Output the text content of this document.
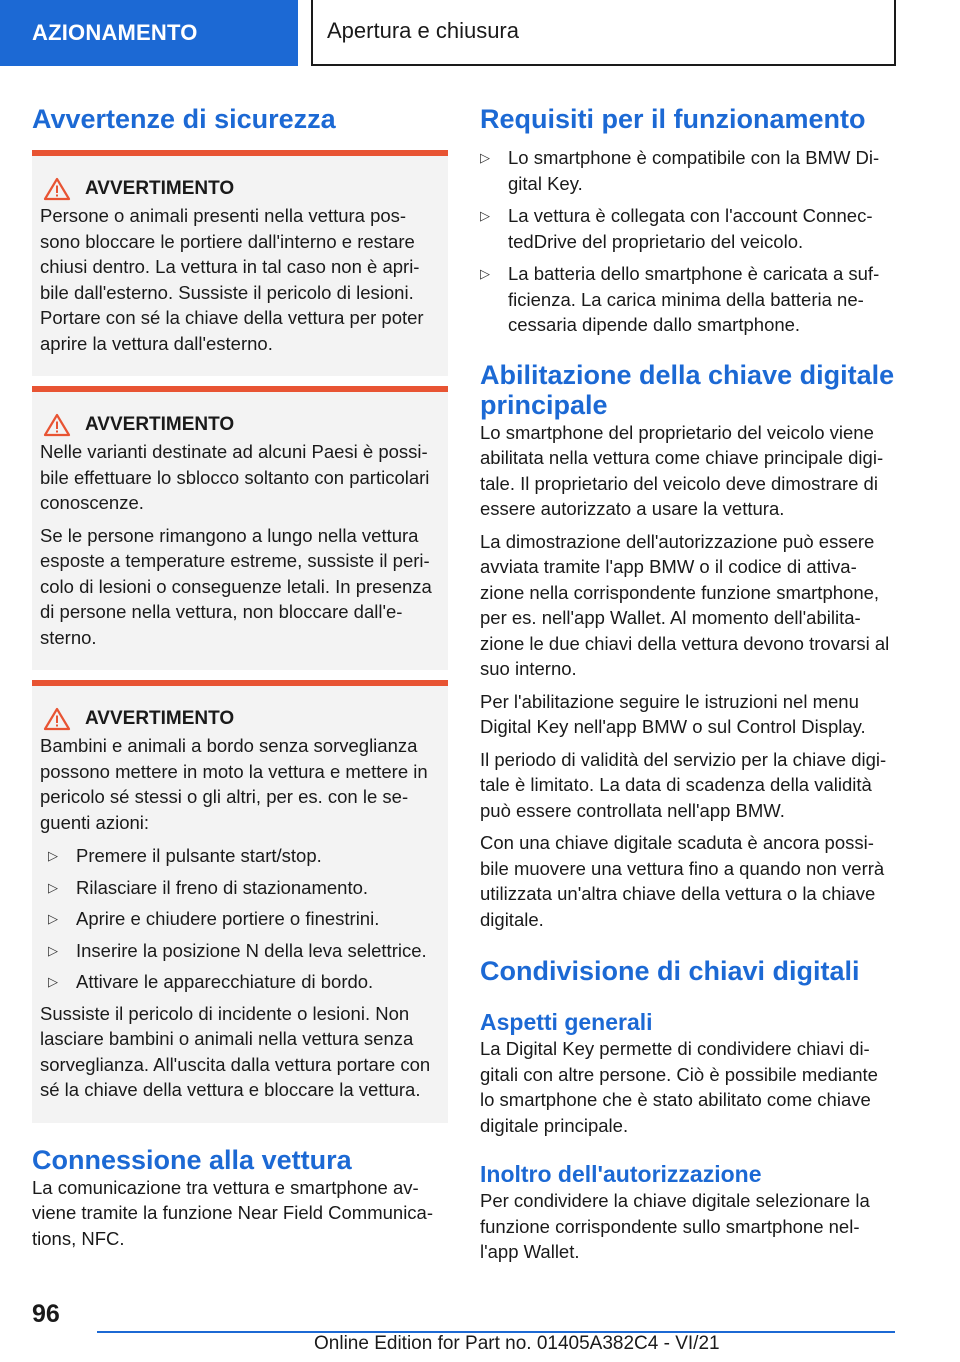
AZIONAMENTO	Apertura e chiusura
Avvertenze di sicurezza
AVVERTIMENTO

Persone o animali presenti nella vettura pos-sono bloccare le portiere dall'interno e restare chiusi dentro. La vettura in tal caso non è apri-bile dall'esterno. Sussiste il pericolo di lesioni. Portare con sé la chiave della vettura per poter aprire la vettura dall'esterno.

AVVERTIMENTO

Nelle varianti destinate ad alcuni Paesi è possi-bile effettuare lo sblocco soltanto con particolari conoscenze.

Se le persone rimangono a lungo nella vettura esposte a temperature estreme, sussiste il peri-colo di lesioni o conseguenze letali. In presenza di persone nella vettura, non bloccare dall'e-sterno.

AVVERTIMENTO

Bambini e animali a bordo senza sorveglianza possono mettere in moto la vettura e mettere in pericolo sé stessi o gli altri, per es. con le se-guenti azioni:

▷ Premere il pulsante start/stop.
▷ Rilasciare il freno di stazionamento.
▷ Aprire e chiudere portiere o finestrini.
▷ Inserire la posizione N della leva selettrice.
▷ Attivare le apparecchiature di bordo.

Sussiste il pericolo di incidente o lesioni. Non lasciare bambini o animali nella vettura senza sorveglianza. All'uscita dalla vettura portare con sé la chiave della vettura e bloccare la vettura.

Connessione alla vettura

La comunicazione tra vettura e smartphone av-viene tramite la funzione Near Field Communica-tions, NFC.

Requisiti per il funzionamento
▷ Lo smartphone è compatibile con la BMW Di-gital Key.
▷ La vettura è collegata con l'account Connec-tedDrive del proprietario del veicolo.
▷ La batteria dello smartphone è caricata a suf-ficienza. La carica minima della batteria ne-cessaria dipende dallo smartphone.
Abilitazione della chiave digitale principale

Lo smartphone del proprietario del veicolo viene abilitata nella vettura come chiave principale digi-tale. Il proprietario del veicolo deve dimostrare di essere autorizzato a usare la vettura.

La dimostrazione dell'autorizzazione può essere avviata tramite l'app BMW o il codice di attiva-zione nella corrispondente funzione smartphone, per es. nell'app Wallet. Al momento dell'abilita-zione le due chiavi della vettura devono trovarsi al suo interno.

Per l'abilitazione seguire le istruzioni nel menu Digital Key nell'app BMW o sul Control Display.

Il periodo di validità del servizio per la chiave digi-tale è limitato. La data di scadenza della validità può essere controllata nell'app BMW.

Con una chiave digitale scaduta è ancora possi-bile muovere una vettura fino a quando non verrà utilizzata un'altra chiave della vettura o la chiave digitale.

Condivisione di chiavi digitali
Aspetti generali

La Digital Key permette di condividere chiavi di-gitali con altre persone. Ciò è possibile mediante lo smartphone che è stato abilitato come chiave digitale principale.

Inoltro dell'autorizzazione

Per condividere la chiave digitale selezionare la funzione corrispondente sullo smartphone nel-l'app Wallet.

96
Online Edition for Part no. 01405A382C4 - VI/21
